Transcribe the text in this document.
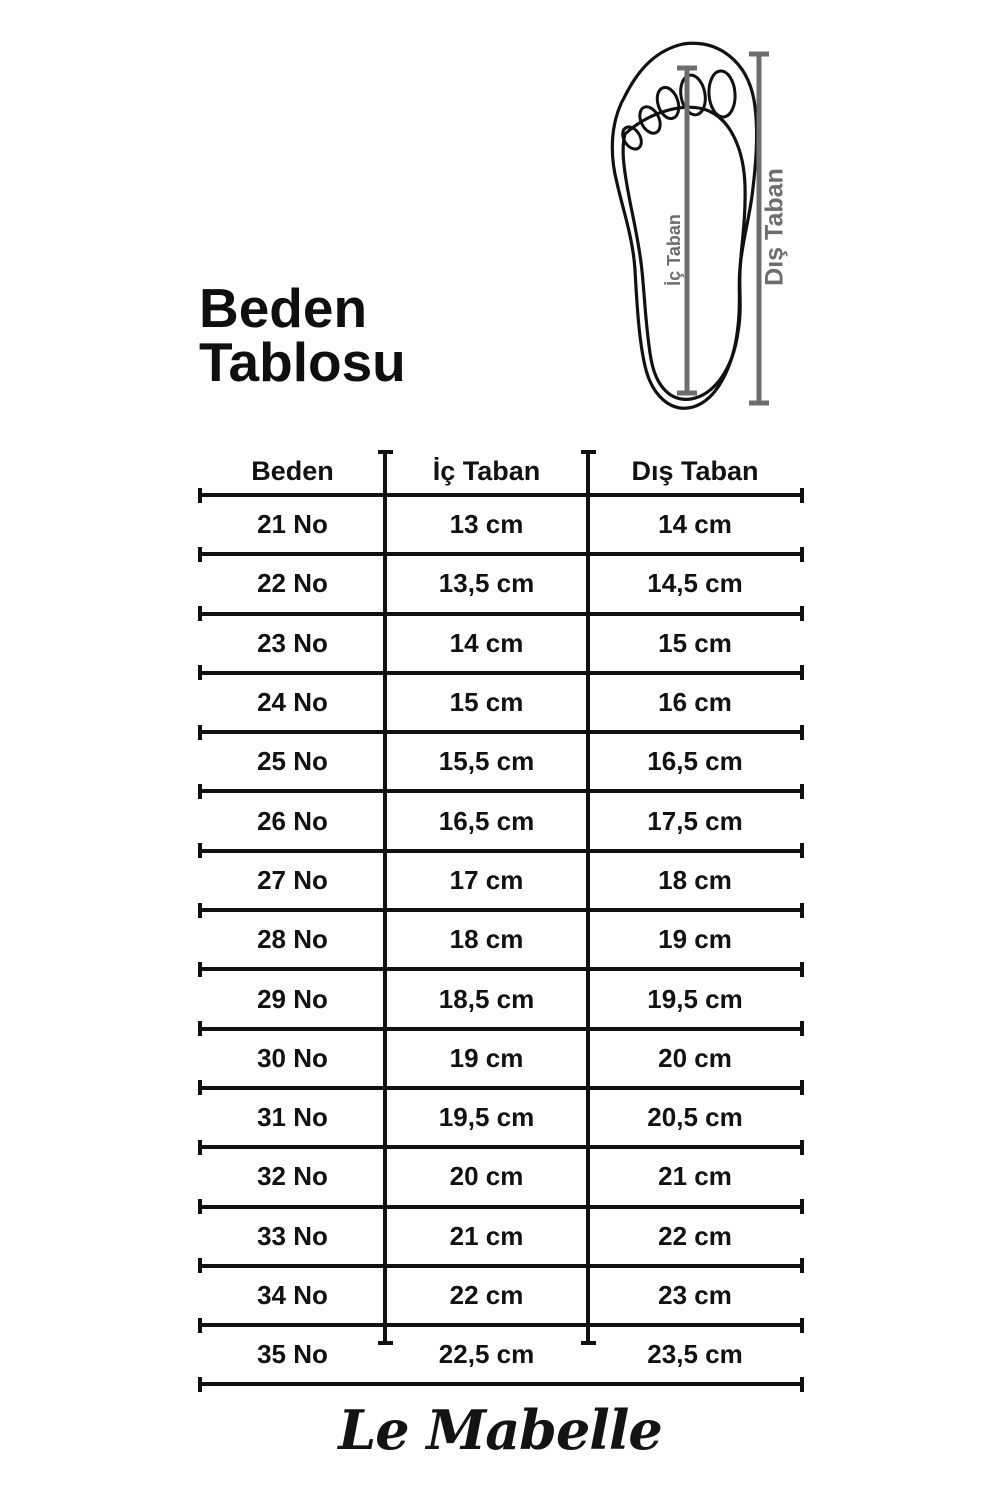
Beden
Tablosu
İç Taban	Dış Taban
Beden	İç Taban	Dış Taban
21 No	13 cm	14 cm
22 No	13,5 cm	14,5 cm
23 No	14 cm	15 cm
24 No	15 cm	16 cm
25 No	15,5 cm	16,5 cm
26 No	16,5 cm	17,5 cm
27 No	17 cm	18 cm
28 No	18 cm	19 cm
29 No	18,5 cm	19,5 cm
30 No	19 cm	20 cm
31 No	19,5 cm	20,5 cm
32 No	20 cm	21 cm
33 No	21 cm	22 cm
34 No	22 cm	23 cm
35 No	22,5 cm	23,5 cm
Le Mabelle
